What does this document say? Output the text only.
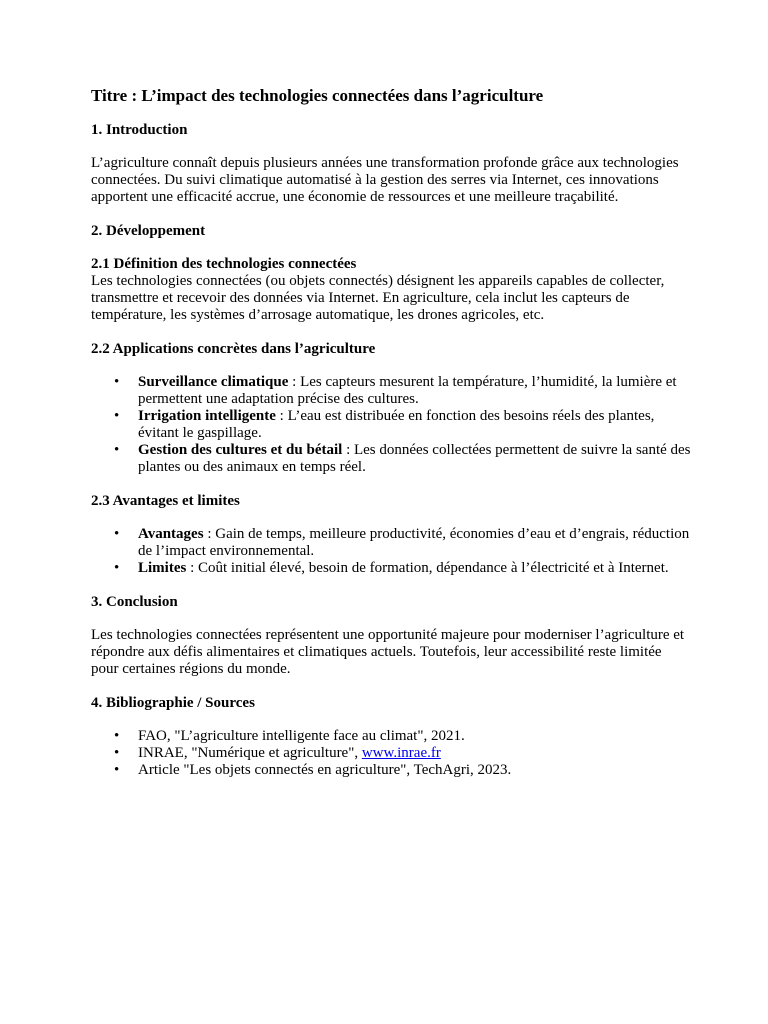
Titre : L’impact des technologies connectées dans l’agriculture
1. Introduction

L’agriculture connaît depuis plusieurs années une transformation profonde grâce aux technologies connectées. Du suivi climatique automatisé à la gestion des serres via Internet, ces innovations apportent une efficacité accrue, une économie de ressources et une meilleure traçabilité.

2. Développement
2.1 Définition des technologies connectées

Les technologies connectées (ou objets connectés) désignent les appareils capables de collecter, transmettre et recevoir des données via Internet. En agriculture, cela inclut les capteurs de température, les systèmes d’arrosage automatique, les drones agricoles, etc.

2.2 Applications concrètes dans l’agriculture
• Surveillance climatique : Les capteurs mesurent la température, l’humidité, la lumière et permettent une adaptation précise des cultures.
• Irrigation intelligente : L’eau est distribuée en fonction des besoins réels des plantes, évitant le gaspillage.
• Gestion des cultures et du bétail : Les données collectées permettent de suivre la santé des plantes ou des animaux en temps réel.
2.3 Avantages et limites
• Avantages : Gain de temps, meilleure productivité, économies d’eau et d’engrais, réduction de l’impact environnemental.
• Limites : Coût initial élevé, besoin de formation, dépendance à l’électricité et à Internet.
3. Conclusion

Les technologies connectées représentent une opportunité majeure pour moderniser l’agriculture et répondre aux défis alimentaires et climatiques actuels. Toutefois, leur accessibilité reste limitée pour certaines régions du monde.

4. Bibliographie / Sources
• FAO, "L’agriculture intelligente face au climat", 2021.
• INRAE, "Numérique et agriculture", www.inrae.fr
• Article "Les objets connectés en agriculture", TechAgri, 2023.
